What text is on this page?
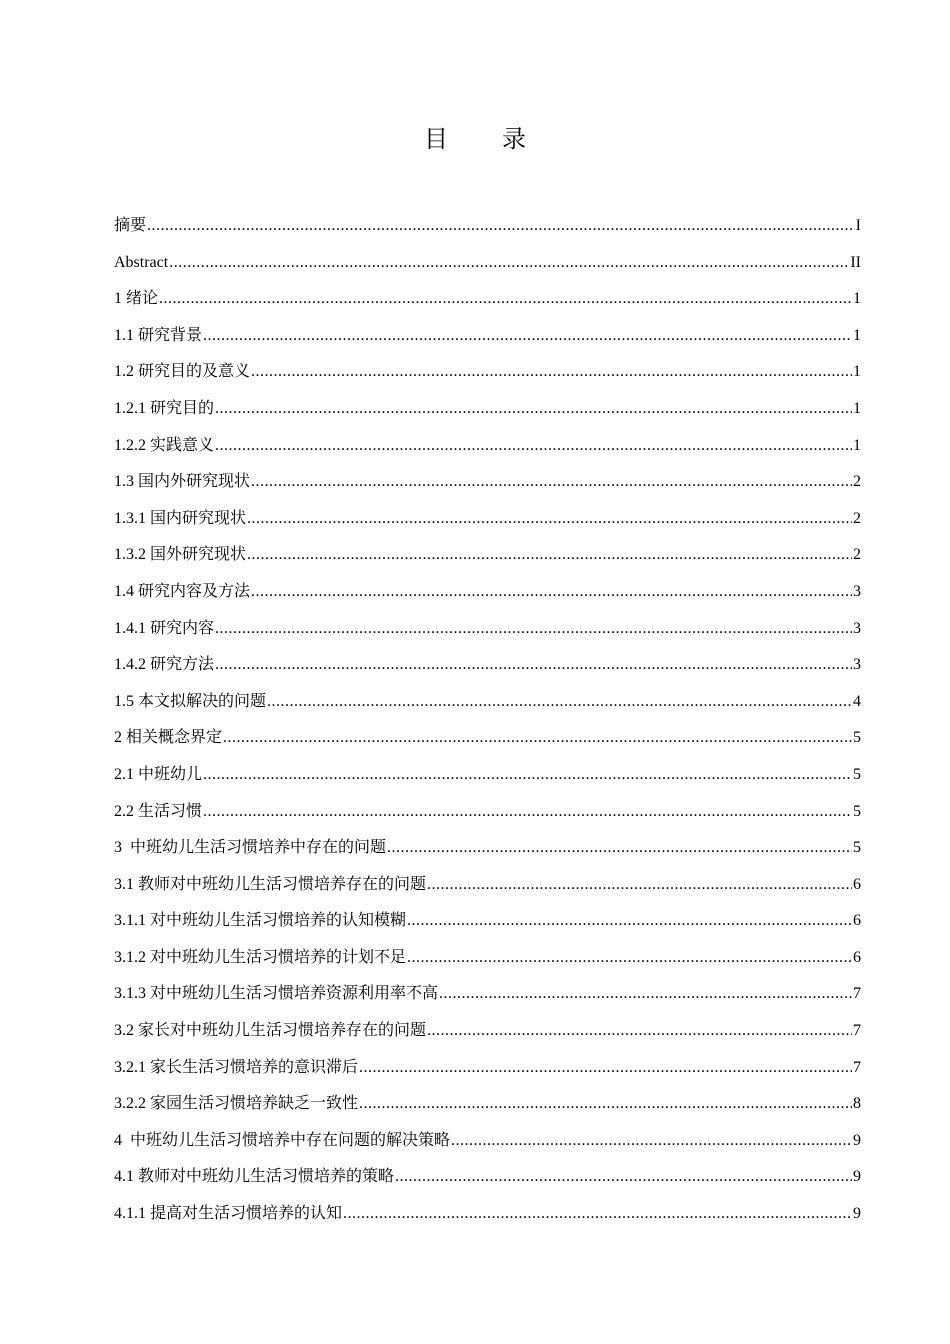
目 录
摘要 .....	I
Abstract .....	II
1 绪论 .....	1
1.1 研究背景 .....	1
1.2 研究目的及意义 .....	1
1.2.1 研究目的 .....	1
1.2.2 实践意义 .....	1
1.3 国内外研究现状 .....	2
1.3.1 国内研究现状 .....	2
1.3.2 国外研究现状 .....	2
1.4 研究内容及方法 .....	3
1.4.1 研究内容 .....	3
1.4.2 研究方法 .....	3
1.5 本文拟解决的问题 .....	4
2 相关概念界定 .....	5
2.1 中班幼儿 .....	5
2.2 生活习惯 .....	5
3  中班幼儿生活习惯培养中存在的问题 .....	5
3.1 教师对中班幼儿生活习惯培养存在的问题 .....	6
3.1.1 对中班幼儿生活习惯培养的认知模糊 .....	6
3.1.2 对中班幼儿生活习惯培养的计划不足 .....	6
3.1.3 对中班幼儿生活习惯培养资源利用率不高 .....	7
3.2 家长对中班幼儿生活习惯培养存在的问题 .....	7
3.2.1 家长生活习惯培养的意识滞后 .....	7
3.2.2 家园生活习惯培养缺乏一致性 .....	8
4  中班幼儿生活习惯培养中存在问题的解决策略 .....	9
4.1 教师对中班幼儿生活习惯培养的策略 .....	9
4.1.1 提高对生活习惯培养的认知 .....	9
